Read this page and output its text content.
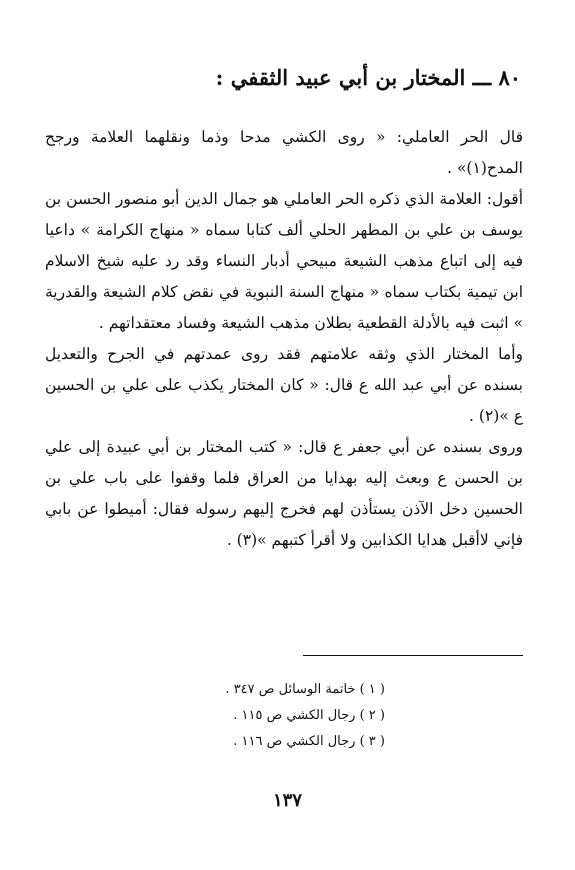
٨٠ ـــ المختار بن أبي عبيد الثقفي :

قال الحر العاملي: « روى الكشي مدحا وذما ونقلهما العلامة ورجح المدح(١)» .

أقول: العلامة الذي ذكره الحر العاملي هو جمال الدين أبو منصور الحسن بن يوسف بن علي بن المطهر الحلي ألف كتابا سماه « منهاج الكرامة » داعيا فيه إلى اتباع مذهب الشيعة مبيحي أدبار النساء وقد رد عليه شيخ الاسلام ابن تيمية بكتاب سماه « منهاج السنة النبوية في نقض كلام الشيعة والقدرية » اثبت فيه بالأدلة القطعية بطلان مذهب الشيعة وفساد معتقداتهم .

وأما المختار الذي وثقه علامتهم فقد روى عمدتهم في الجرح والتعديل بسنده عن أبي عبد الله ع قال: « كان المختار يكذب على علي بن الحسين ع »(٢) .

وروى بسنده عن أبي جعفر ع قال: « كتب المختار بن أبي عبيدة إلى علي بن الحسن ع وبعث إليه بهدايا من العراق فلما وقفوا على باب علي بن الحسين دخل الآذن يستأذن لهم فخرج إليهم رسوله فقال: أميطوا عن بابي فإني لاأقبل هدايا الكذابين ولا أقرأ كتبهم »(٣) .

( ١ ) خاتمة الوسائل ص ٣٤٧ .
( ٢ ) رجال الكشي ص ١١٥ .
( ٣ ) رجال الكشي ص ١١٦ .
١٣٧
